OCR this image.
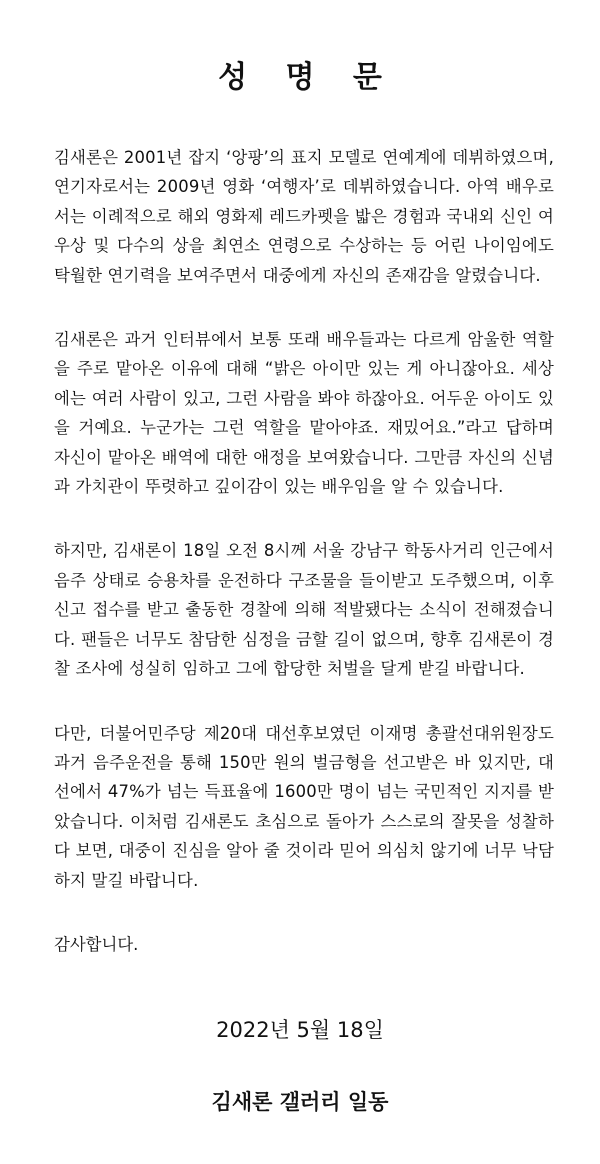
성 명 문

김새론은 2001년 잡지 ‘앙팡’의 표지 모델로 연예계에 데뷔하였으며, 연기자로서는 2009년 영화 ‘여행자’로 데뷔하였습니다. 아역 배우로서는 이례적으로 해외 영화제 레드카펫을 밟은 경험과 국내외 신인 여우상 및 다수의 상을 최연소 연령으로 수상하는 등 어린 나이임에도 탁월한 연기력을 보여주면서 대중에게 자신의 존재감을 알렸습니다.

김새론은 과거 인터뷰에서 보통 또래 배우들과는 다르게 암울한 역할을 주로 맡아온 이유에 대해 “밝은 아이만 있는 게 아니잖아요. 세상에는 여러 사람이 있고, 그런 사람을 봐야 하잖아요. 어두운 아이도 있을 거예요. 누군가는 그런 역할을 맡아야죠. 재밌어요.”라고 답하며 자신이 맡아온 배역에 대한 애정을 보여왔습니다. 그만큼 자신의 신념과 가치관이 뚜렷하고 깊이감이 있는 배우임을 알 수 있습니다.

하지만, 김새론이 18일 오전 8시께 서울 강남구 학동사거리 인근에서 음주 상태로 승용차를 운전하다 구조물을 들이받고 도주했으며, 이후 신고 접수를 받고 출동한 경찰에 의해 적발됐다는 소식이 전해졌습니다. 팬들은 너무도 참담한 심정을 금할 길이 없으며, 향후 김새론이 경찰 조사에 성실히 임하고 그에 합당한 처벌을 달게 받길 바랍니다.

다만, 더불어민주당 제20대 대선후보였던 이재명 총괄선대위원장도 과거 음주운전을 통해 150만 원의 벌금형을 선고받은 바 있지만, 대선에서 47%가 넘는 득표율에 1600만 명이 넘는 국민적인 지지를 받았습니다. 이처럼 김새론도 초심으로 돌아가 스스로의 잘못을 성찰하다 보면, 대중이 진심을 알아 줄 것이라 믿어 의심치 않기에 너무 낙담하지 말길 바랍니다.

감사합니다.

2022년 5월 18일
김새론 갤러리 일동
